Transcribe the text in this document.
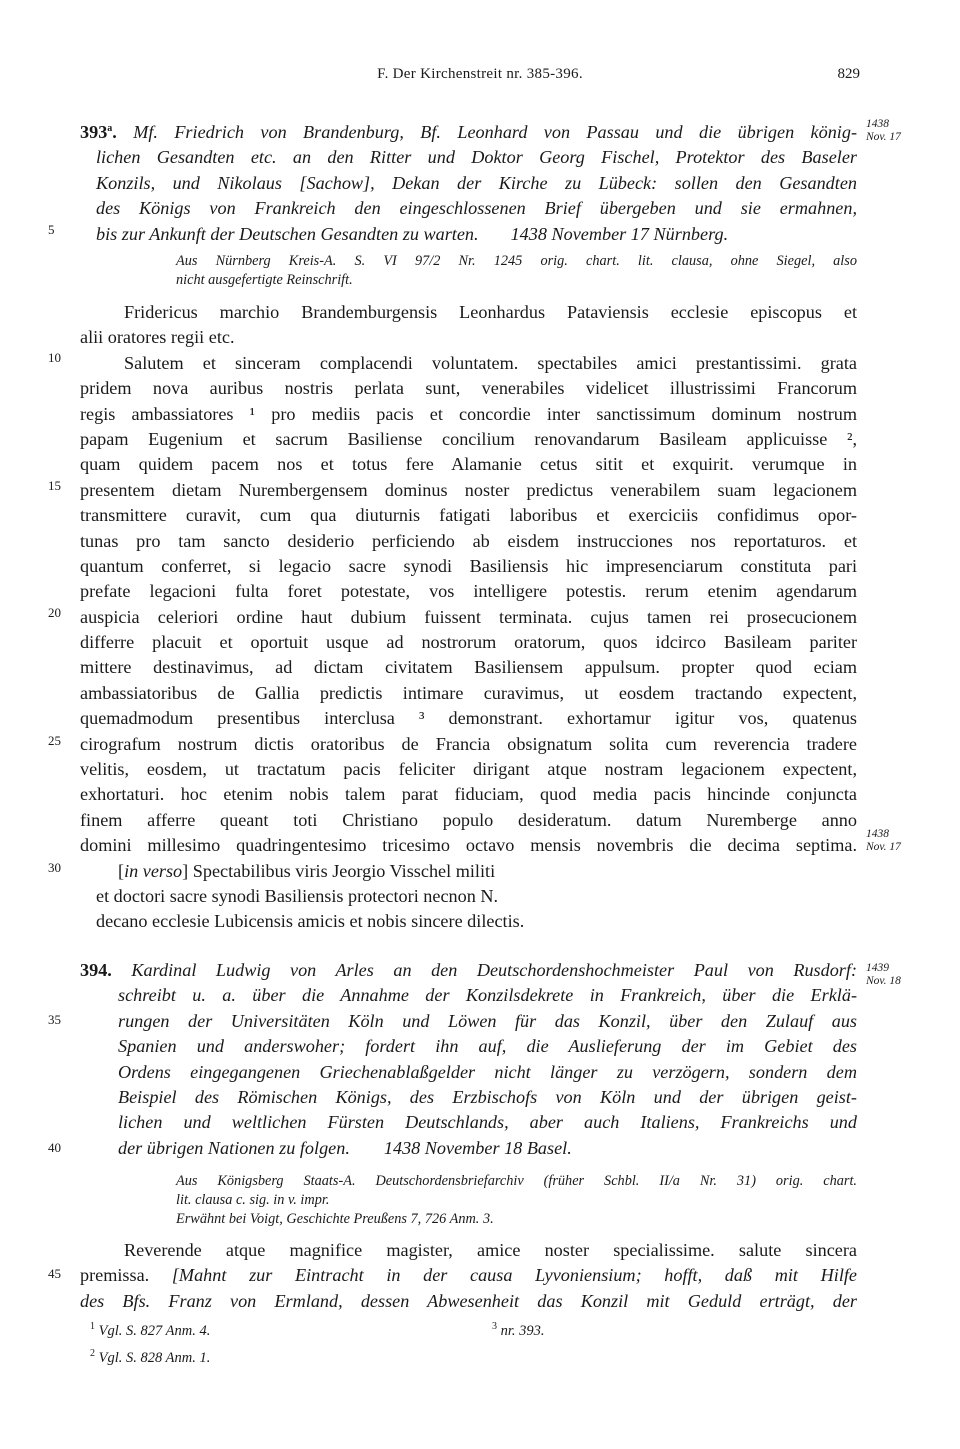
F. Der Kirchenstreit nr. 385-396.	829
393$^a$. Mf. Friedrich von Brandenburg, Bf. Leonhard von Passau und die übrigen könig-
lichen Gesandten etc. an den Ritter und Doktor Georg Fischel, Protektor des Baseler
Konzils, und Nikolaus [Sachow], Dekan der Kirche zu Lübeck: sollen den Gesandten
des Königs von Frankreich den eingeschlossenen Brief übergeben und sie ermahnen,
bis zur Ankunft der Deutschen Gesandten zu warten. 1438 November 17 Nürnberg.
Aus Nürnberg Kreis-A. S. VI 97/2 Nr. 1245 orig. chart. lit. clausa, ohne Siegel, also
nicht ausgefertigte Reinschrift.
Fridericus marchio Brandemburgensis Leonhardus Pataviensis ecclesie episcopus et
alii oratores regii etc.
Salutem et sinceram complacendi voluntatem. spectabiles amici prestantissimi. grata
pridem nova auribus nostris perlata sunt, venerabiles videlicet illustrissimi Francorum
regis ambassiatores ¹ pro mediis pacis et concordie inter sanctissimum dominum nostrum
papam Eugenium et sacrum Basiliense concilium renovandarum Basileam applicuisse ²,
quam quidem pacem nos et totus fere Alamanie cetus sitit et exquirit. verumque in
presentem dietam Nurembergensem dominus noster predictus venerabilem suam legacionem
transmittere curavit, cum qua diuturnis fatigati laboribus et exerciciis confidimus opor-
tunas pro tam sancto desiderio perficiendo ab eisdem instrucciones nos reportaturos. et
quantum conferret, si legacio sacre synodi Basiliensis hic impresenciarum constituta pari
prefate legacioni fulta foret potestate, vos intelligere potestis. rerum etenim agendarum
auspicia celeriori ordine haut dubium fuissent terminata. cujus tamen rei prosecucionem
differre placuit et oportuit usque ad nostrorum oratorum, quos idcirco Basileam pariter
mittere destinavimus, ad dictam civitatem Basiliensem appulsum. propter quod eciam
ambassiatoribus de Gallia predictis intimare curavimus, ut eosdem tractando expectent,
quemadmodum presentibus interclusa ³ demonstrant. exhortamur igitur vos, quatenus
cirografum nostrum dictis oratoribus de Francia obsignatum solita cum reverencia tradere
velitis, eosdem, ut tractatum pacis feliciter dirigant atque nostram legacionem expectent,
exhortaturi. hoc etenim nobis talem parat fiduciam, quod media pacis hincinde conjuncta
finem afferre queant toti Christiano populo desideratum. datum Nuremberge anno
domini millesimo quadringentesimo tricesimo octavo mensis novembris die decima septima.
[in verso] Spectabilibus viris Jeorgio Visschel militi
et doctori sacre synodi Basiliensis protectori necnon N.
decano ecclesie Lubicensis amicis et nobis sincere dilectis.
394. Kardinal Ludwig von Arles an den Deutschordenshochmeister Paul von Rusdorf:
schreibt u. a. über die Annahme der Konzilsdekrete in Frankreich, über die Erklä-
rungen der Universitäten Köln und Löwen für das Konzil, über den Zulauf aus
Spanien und anderswoher; fordert ihn auf, die Auslieferung der im Gebiet des
Ordens eingegangenen Griechenablaßgelder nicht länger zu verzögern, sondern dem
Beispiel des Römischen Königs, des Erzbischofs von Köln und der übrigen geist-
lichen und weltlichen Fürsten Deutschlands, aber auch Italiens, Frankreichs und
der übrigen Nationen zu folgen. 1438 November 18 Basel.
Aus Königsberg Staats-A. Deutschordensbriefarchiv (früher Schbl. II/a Nr. 31) orig. chart.
lit. clausa c. sig. in v. impr.
Erwähnt bei Voigt, Geschichte Preußens 7, 726 Anm. 3.
Reverende atque magnifice magister, amice noster specialissime. salute sincera
premissa. [Mahnt zur Eintracht in der causa Lyvoniensium; hofft, daß mit Hilfe
des Bfs. Franz von Ermland, dessen Abwesenheit das Konzil mit Geduld erträgt, der
5
10
15
20
25
30
35
40
45
1438
Nov. 17
1438
Nov. 17
1439
Nov. 18
$^1$ Vgl. S. 827 Anm. 4.
$^2$ Vgl. S. 828 Anm. 1.
$^3$ nr. 393.
